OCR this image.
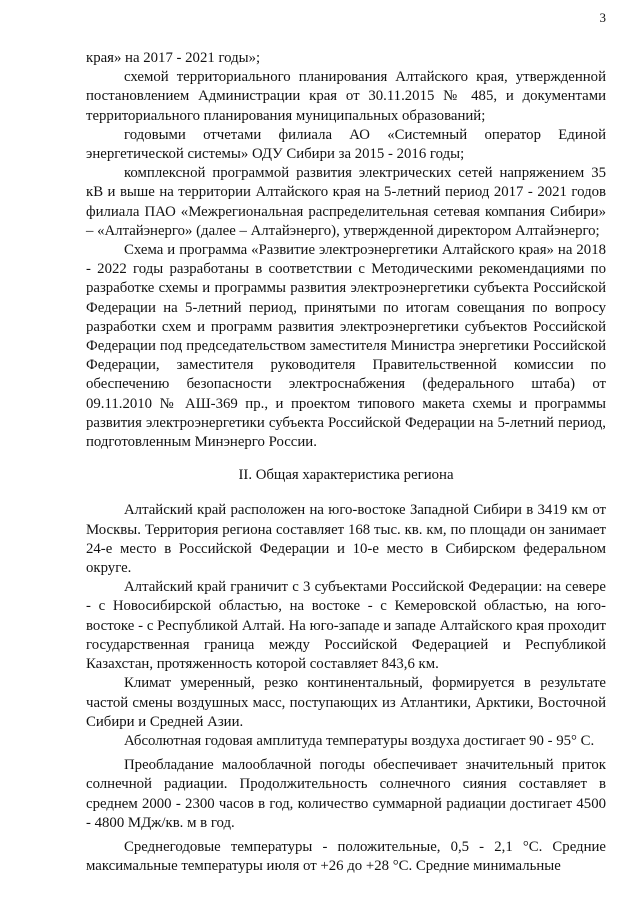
3

края» на 2017 - 2021 годы»;

схемой территориального планирования Алтайского края, утвержденной постановлением Администрации края от 30.11.2015 № 485, и документами территориального планирования муниципальных образований;

годовыми отчетами филиала АО «Системный оператор Единой энергетической системы» ОДУ Сибири за 2015 - 2016 годы;

комплексной программой развития электрических сетей напряжением 35 кВ и выше на территории Алтайского края на 5-летний период 2017 - 2021 годов филиала ПАО «Межрегиональная распределительная сетевая компания Сибири» – «Алтайэнерго» (далее – Алтайэнерго), утвержденной директором Алтайэнерго;

Схема и программа «Развитие электроэнергетики Алтайского края» на 2018 - 2022 годы разработаны в соответствии с Методическими рекомендациями по разработке схемы и программы развития электроэнергетики субъекта Российской Федерации на 5-летний период, принятыми по итогам совещания по вопросу разработки схем и программ развития электроэнергетики субъектов Российской Федерации под председательством заместителя Министра энергетики Российской Федерации, заместителя руководителя Правительственной комиссии по обеспечению безопасности электроснабжения (федерального штаба) от 09.11.2010 № АШ-369 пр., и проектом типового макета схемы и программы развития электроэнергетики субъекта Российской Федерации на 5-летний период, подготовленным Минэнерго России.

II. Общая характеристика региона

Алтайский край расположен на юго-востоке Западной Сибири в 3419 км от Москвы. Территория региона составляет 168 тыс. кв. км, по площади он занимает 24-е место в Российской Федерации и 10-е место в Сибирском федеральном округе.

Алтайский край граничит с 3 субъектами Российской Федерации: на севере - с Новосибирской областью, на востоке - с Кемеровской областью, на юго-востоке - с Республикой Алтай. На юго-западе и западе Алтайского края проходит государственная граница между Российской Федерацией и Республикой Казахстан, протяженность которой составляет 843,6 км.

Климат умеренный, резко континентальный, формируется в результате частой смены воздушных масс, поступающих из Атлантики, Арктики, Восточной Сибири и Средней Азии.

Абсолютная годовая амплитуда температуры воздуха достигает 90 - 95° С.

Преобладание малооблачной погоды обеспечивает значительный приток солнечной радиации. Продолжительность солнечного сияния составляет в среднем 2000 - 2300 часов в год, количество суммарной радиации достигает 4500 - 4800 МДж/кв. м в год.

Среднегодовые температуры - положительные, 0,5 - 2,1 °С. Средние максимальные температуры июля от +26 до +28 °С. Средние минимальные
